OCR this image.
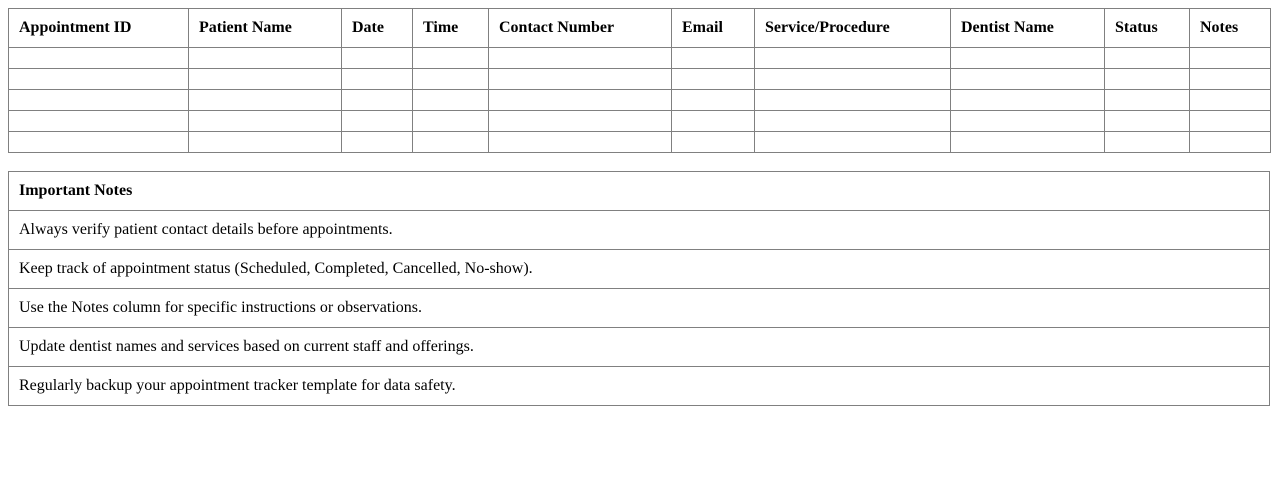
Appointment ID	Patient Name	Date	Time	Contact Number	Email	Service/Procedure	Dentist Name	Status	Notes

Important Notes
Always verify patient contact details before appointments.
Keep track of appointment status (Scheduled, Completed, Cancelled, No-show).
Use the Notes column for specific instructions or observations.
Update dentist names and services based on current staff and offerings.
Regularly backup your appointment tracker template for data safety.
